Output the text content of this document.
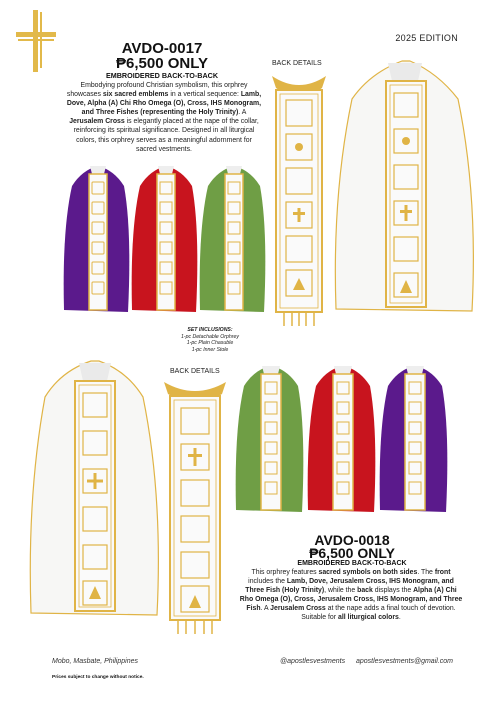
2025 EDITION
AVDO-0017
₱6,500 ONLY
EMBROIDERED BACK-TO-BACK
Embodying profound Christian symbolism, this orphrey showcases six sacred emblems in a vertical sequence: Lamb, Dove, Alpha (A) Chi Rho Omega (O), Cross, IHS Monogram, and Three Fishes (representing the Holy Trinity). A Jerusalem Cross is elegantly placed at the nape of the collar, reinforcing its spiritual significance. Designed in all liturgical colors, this orphrey serves as a meaningful adornment for sacred vestments.
BACK DETAILS
SET INCLUSIONS:
1-pc Detachable Orphrey
1-pc Plain Chasuble
1-pc Inner Stole
BACK DETAILS
AVDO-0018
₱6,500 ONLY
EMBROIDERED BACK-TO-BACK
This orphrey features sacred symbols on both sides. The front includes the Lamb, Dove, Jerusalem Cross, IHS Monogram, and Three Fish (Holy Trinity), while the back displays the Alpha (A) Chi Rho Omega (O), Cross, Jerusalem Cross, IHS Monogram, and Three Fish. A Jerusalem Cross at the nape adds a final touch of devotion. Suitable for all liturgical colors.
Mobo, Masbate, Philippines	@apostlesvestments apostlesvestments@gmail.com
Prices subject to change without notice.
